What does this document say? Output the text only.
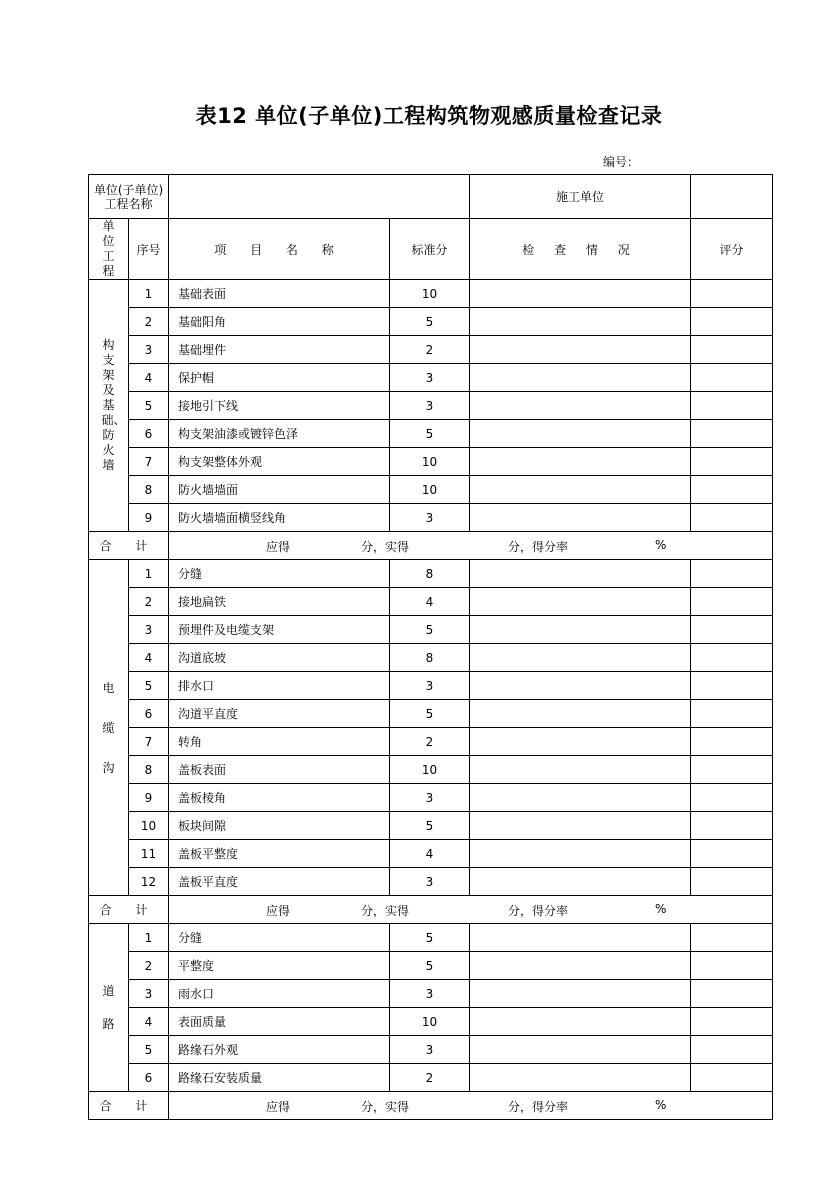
表12 单位(子单位)工程构筑物观感质量检查记录
编号：
单位(子单位)
工程名称				施工单位	
单位工程	序号	项 目 名 称	标准分	检 查 情 况	评分
构支架及基础、防火墙	1	基础表面	10		
	2	基础阳角	5		
	3	基础埋件	2		
	4	保护帽	3		
	5	接地引下线	3		
	6	构支架油漆或镀锌色泽	5		
	7	构支架整体外观	10		
	8	防火墙墙面	10		
	9	防火墙墙面横竖线角	3		
合 计		应得 分，实得 分，得分率 %			

电缆沟	1	分缝	8		
	2	接地扁铁	4		
	3	预埋件及电缆支架	5		
	4	沟道底坡	8		
	5	排水口	3		
	6	沟道平直度	5		
	7	转角	2		
	8	盖板表面	10		
	9	盖板棱角	3		
	10	板块间隙	5		
	11	盖板平整度	4		
	12	盖板平直度	3		
合 计		应得 分，实得 分，得分率 %			

道路	1	分缝	5		
	2	平整度	5		
	3	雨水口	3		
	4	表面质量	10		
	5	路缘石外观	3		
	6	路缘石安装质量	2		
合 计		应得 分，实得 分，得分率 %			
